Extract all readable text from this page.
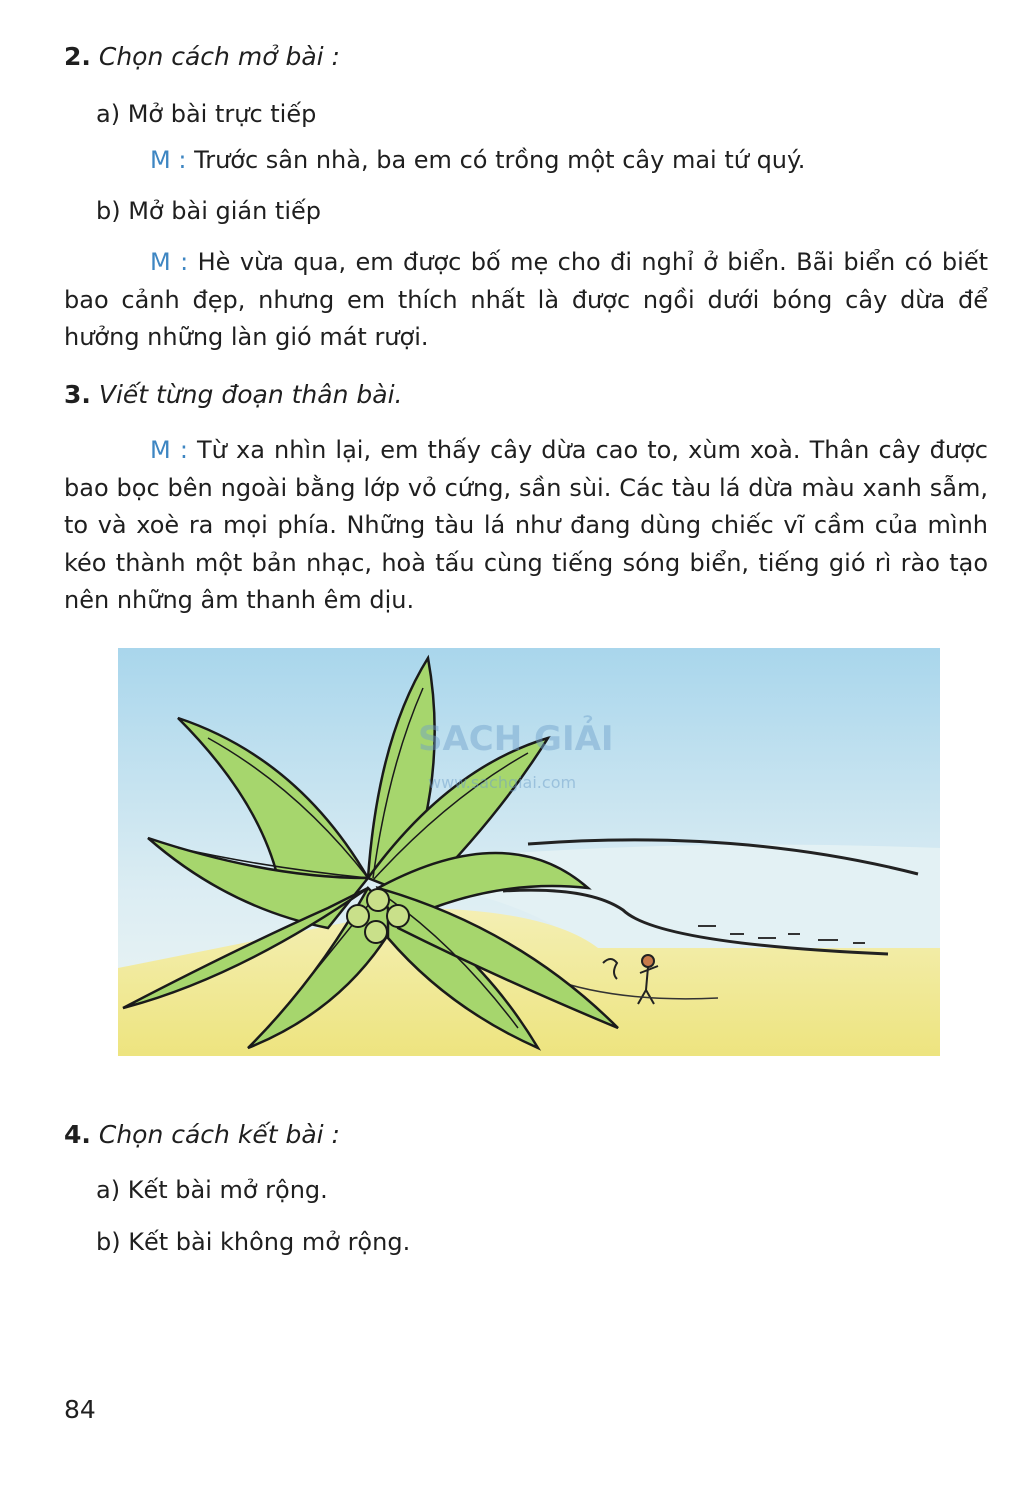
2. Chọn cách mở bài :
a) Mở bài trực tiếp
M : Trước sân nhà, ba em có trồng một cây mai tứ quý.
b) Mở bài gián tiếp
M : Hè vừa qua, em được bố mẹ cho đi nghỉ ở biển. Bãi biển có biết bao cảnh đẹp, nhưng em thích nhất là được ngồi dưới bóng cây dừa để hưởng những làn gió mát rượi.
3. Viết từng đoạn thân bài.
M : Từ xa nhìn lại, em thấy cây dừa cao to, xùm xoà. Thân cây được bao bọc bên ngoài bằng lớp vỏ cứng, sần sùi. Các tàu lá dừa màu xanh sẫm, to và xoè ra mọi phía. Những tàu lá như đang dùng chiếc vĩ cầm của mình kéo thành một bản nhạc, hoà tấu cùng tiếng sóng biển, tiếng gió rì rào tạo nên những âm thanh êm dịu.
SACH GIẢI
www.sachgiai.com
4. Chọn cách kết bài :
a) Kết bài mở rộng.
b) Kết bài không mở rộng.
84
